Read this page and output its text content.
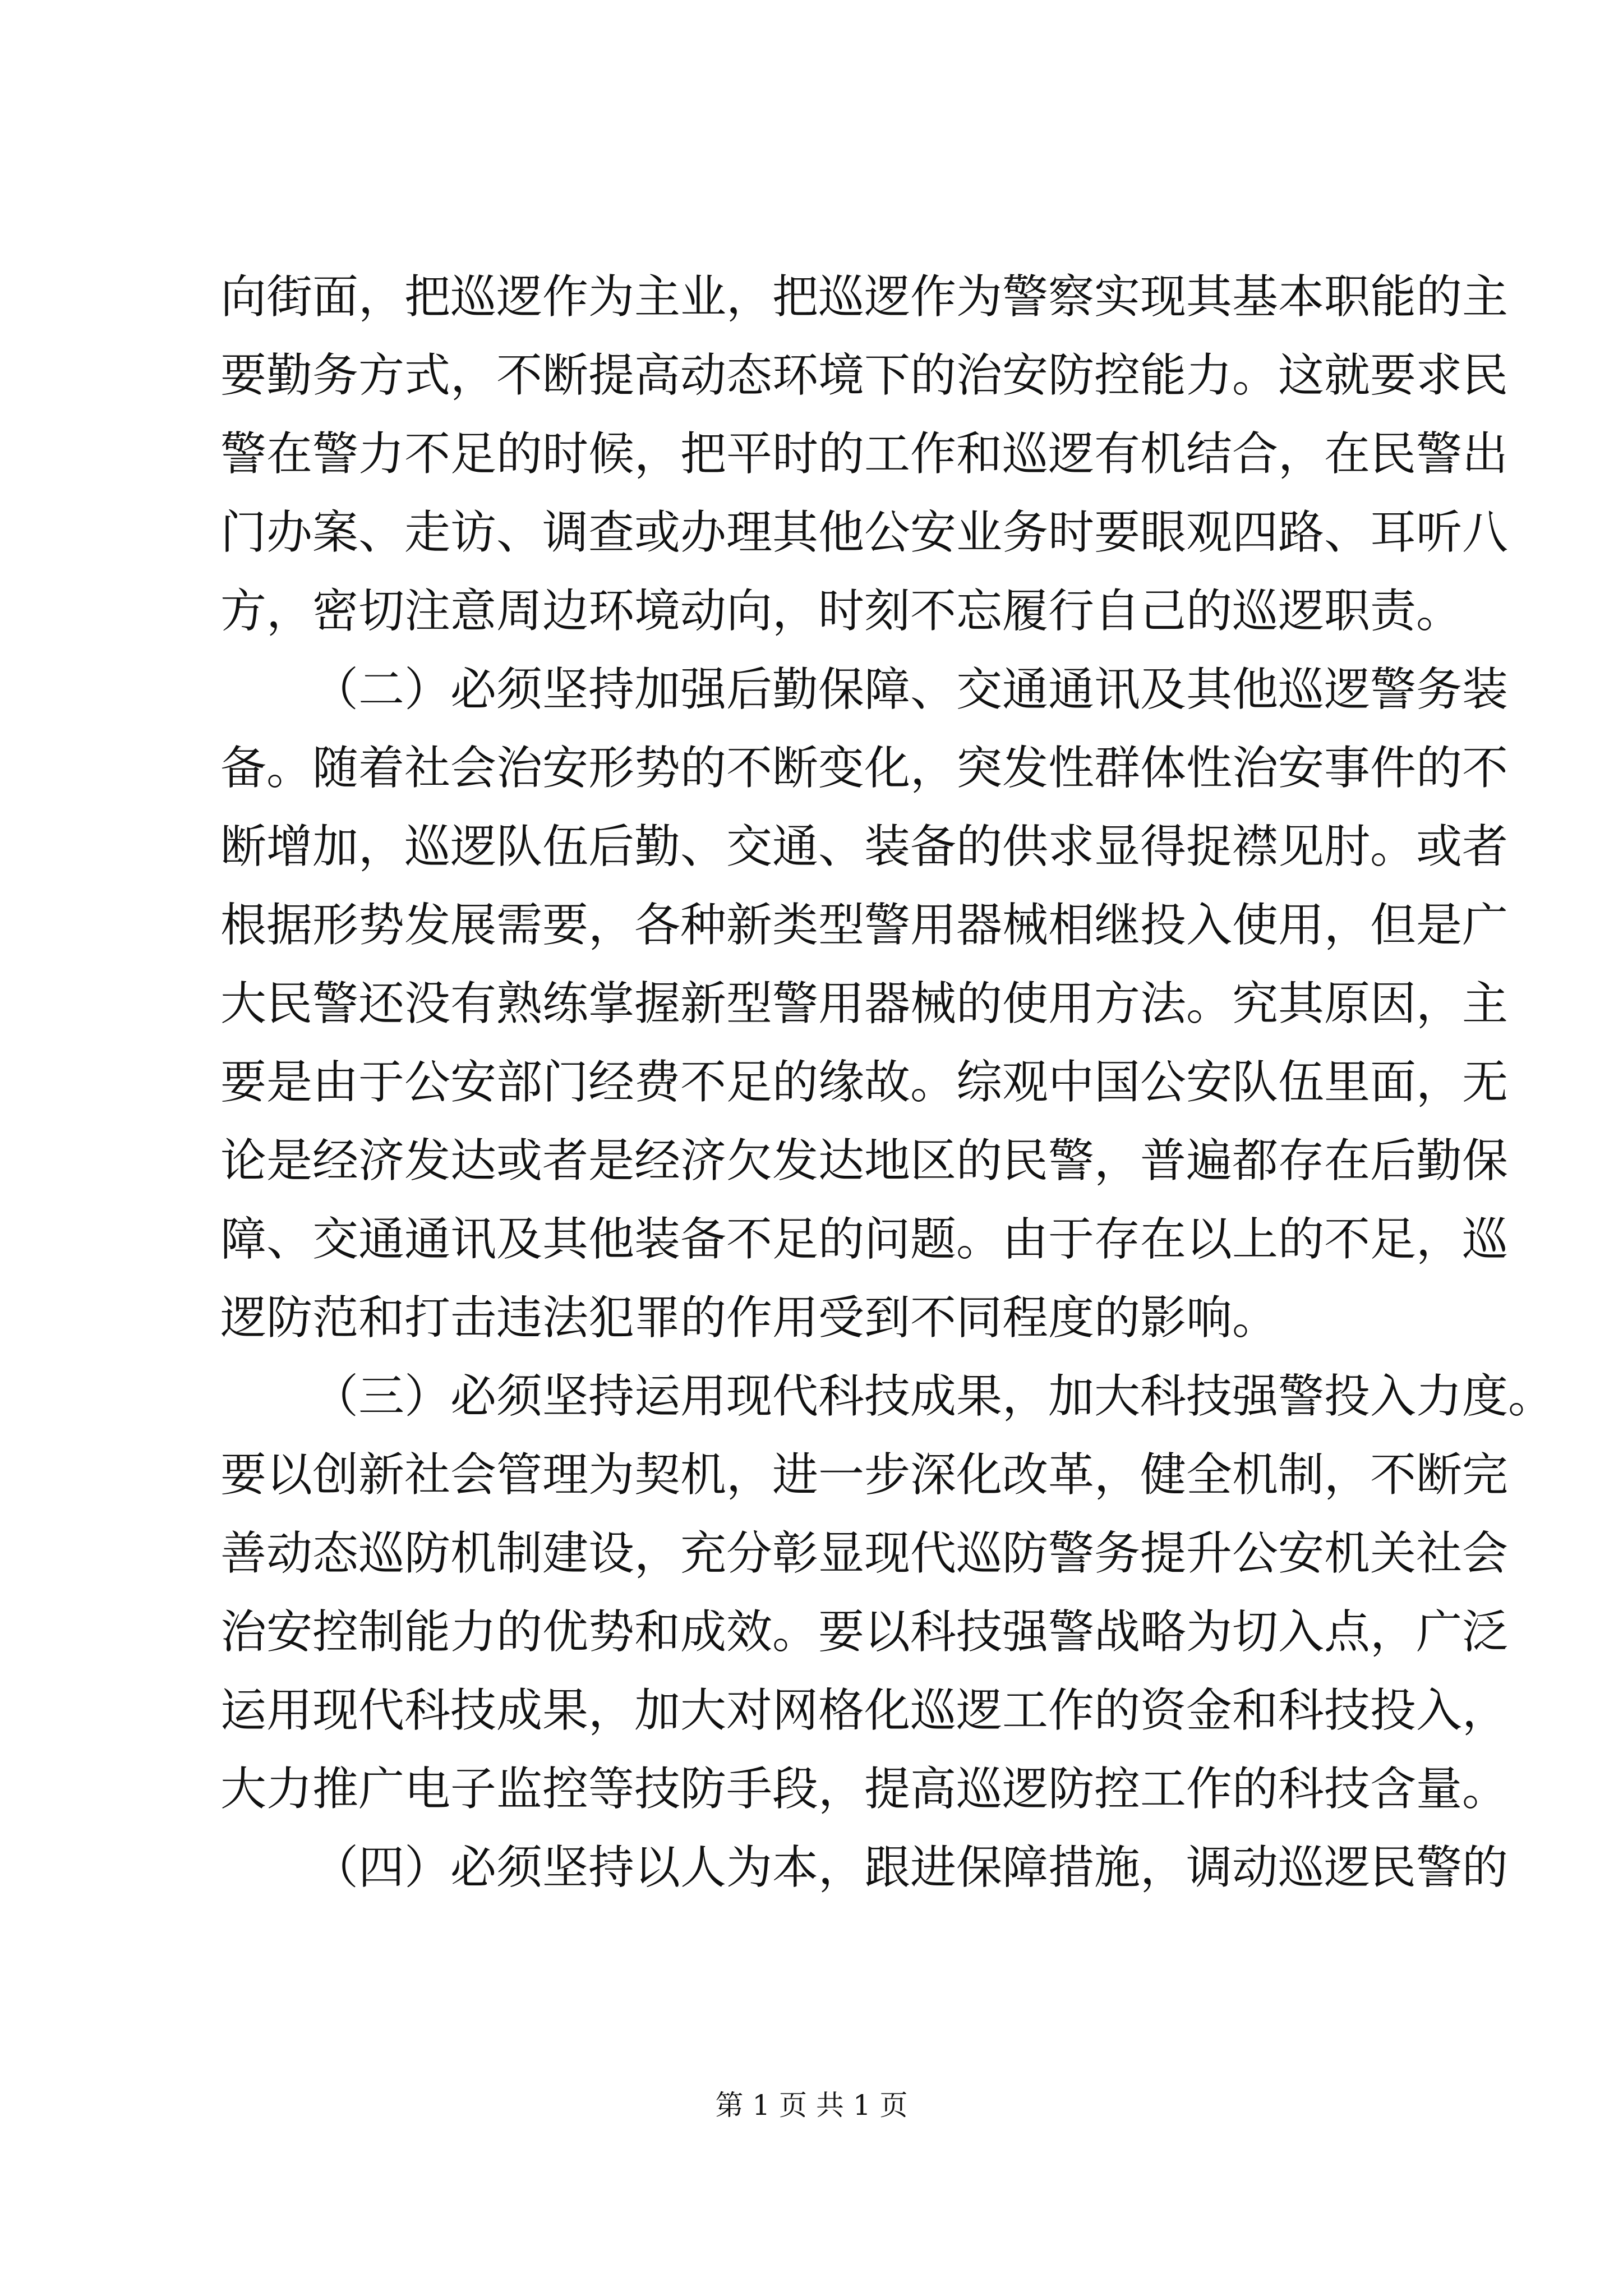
向街面，把巡逻作为主业，把巡逻作为警察实现其基本职能的主
要勤务方式，不断提高动态环境下的治安防控能力。这就要求民
警在警力不足的时候，把平时的工作和巡逻有机结合，在民警出
门办案、走访、调查或办理其他公安业务时要眼观四路、耳听八
方，密切注意周边环境动向，时刻不忘履行自己的巡逻职责。
（二）必须坚持加强后勤保障、交通通讯及其他巡逻警务装
备。随着社会治安形势的不断变化，突发性群体性治安事件的不
断增加，巡逻队伍后勤、交通、装备的供求显得捉襟见肘。或者
根据形势发展需要，各种新类型警用器械相继投入使用，但是广
大民警还没有熟练掌握新型警用器械的使用方法。究其原因，主
要是由于公安部门经费不足的缘故。综观中国公安队伍里面，无
论是经济发达或者是经济欠发达地区的民警，普遍都存在后勤保
障、交通通讯及其他装备不足的问题。由于存在以上的不足，巡
逻防范和打击违法犯罪的作用受到不同程度的影响。
（三）必须坚持运用现代科技成果，加大科技强警投入力度。
要以创新社会管理为契机，进一步深化改革，健全机制，不断完
善动态巡防机制建设，充分彰显现代巡防警务提升公安机关社会
治安控制能力的优势和成效。要以科技强警战略为切入点，广泛
运用现代科技成果，加大对网格化巡逻工作的资金和科技投入，
大力推广电子监控等技防手段，提高巡逻防控工作的科技含量。
（四）必须坚持以人为本，跟进保障措施，调动巡逻民警的
第 1 页 共 1 页
